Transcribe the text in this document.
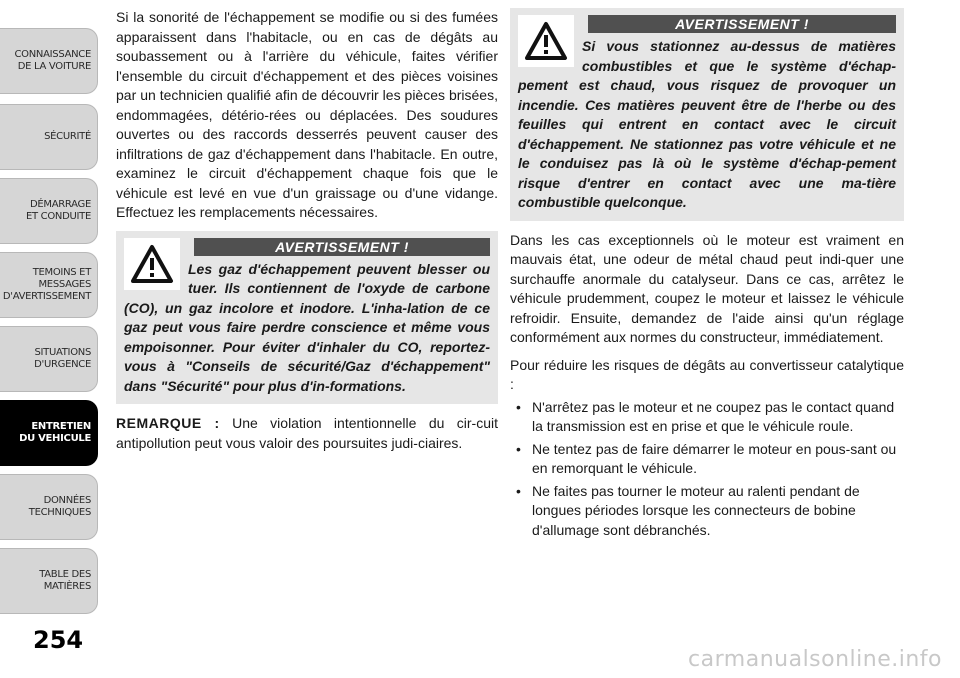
CONNAISSANCE
DE LA VOITURE
SÉCURITÉ
DÉMARRAGE
ET CONDUITE
TEMOINS ET
MESSAGES
D'AVERTISSEMENT
SITUATIONS
D'URGENCE
ENTRETIEN
DU VEHICULE
DONNÉES
TECHNIQUES
TABLE DES
MATIÈRES
254

Si la sonorité de l'échappement se modifie ou si des fumées apparaissent dans l'habitacle, ou en cas de dégâts au soubassement ou à l'arrière du véhicule, faites vérifier l'ensemble du circuit d'échappement et des pièces voisines par un technicien qualifié afin de découvrir les pièces brisées, endommagées, détério-rées ou déplacées. Des soudures ouvertes ou des raccords desserrés peuvent causer des infiltrations de gaz d'échappement dans l'habitacle. En outre, examinez le circuit d'échappement chaque fois que le véhicule est levé en vue d'un graissage ou d'une vidange. Effectuez les remplacements nécessaires.

AVERTISSEMENT !

Les gaz d'échappement peuvent blesser ou tuer. Ils contiennent de l'oxyde de carbone (CO), un gaz incolore et inodore. L'inha-lation de ce gaz peut vous faire perdre conscience et même vous empoisonner. Pour éviter d'inhaler du CO, reportez-vous à "Conseils de sécurité/Gaz d'échappement" dans "Sécurité" pour plus d'in-formations.

REMARQUE : Une violation intentionnelle du cir-cuit antipollution peut vous valoir des poursuites judi-ciaires.

AVERTISSEMENT !

Si vous stationnez au-dessus de matières combustibles et que le système d'échap-pement est chaud, vous risquez de provoquer un incendie. Ces matières peuvent être de l'herbe ou des feuilles qui entrent en contact avec le circuit d'échappement. Ne stationnez pas votre véhicule et ne le conduisez pas là où le système d'échap-pement risque d'entrer en contact avec une ma-tière combustible quelconque.

Dans les cas exceptionnels où le moteur est vraiment en mauvais état, une odeur de métal chaud peut indi-quer une surchauffe anormale du catalyseur. Dans ce cas, arrêtez le véhicule prudemment, coupez le moteur et laissez le véhicule refroidir. Ensuite, demandez de l'aide ainsi qu'un réglage conformément aux normes du constructeur, immédiatement.

Pour réduire les risques de dégâts au convertisseur catalytique :

• N'arrêtez pas le moteur et ne coupez pas le contact quand la transmission est en prise et que le véhicule roule.
• Ne tentez pas de faire démarrer le moteur en pous-sant ou en remorquant le véhicule.
• Ne faites pas tourner le moteur au ralenti pendant de longues périodes lorsque les connecteurs de bobine d'allumage sont débranchés.
carmanualsonline.info
